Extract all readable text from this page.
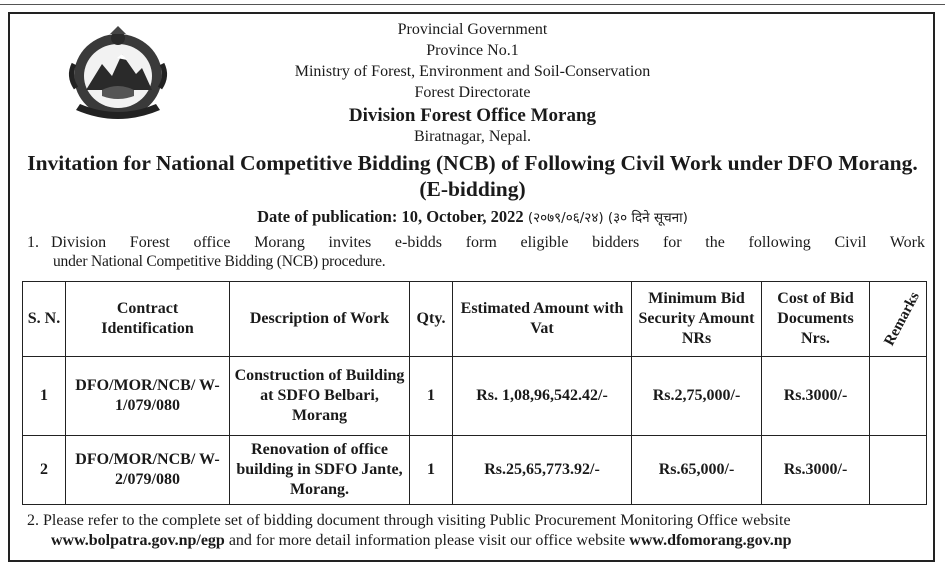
Provincial Government
Province No.1
Ministry of Forest, Environment and Soil-Conservation
Forest Directorate
Division Forest Office Morang
Biratnagar, Nepal.
Invitation for National Competitive Bidding (NCB) of Following Civil Work under DFO Morang. (E-bidding)
Date of publication: 10, October, 2022 (२०७९/०६/२४) (३० दिने सूचना)
1. Division Forest office Morang invites e-bidds form eligible bidders for the following Civil Work
under National Competitive Bidding (NCB) procedure.
S. N.	Contract Identification	Description of Work	Qty.	Estimated Amount with Vat	Minimum Bid Security Amount NRs	Cost of Bid Documents Nrs.	Remarks
1	DFO/MOR/NCB/ W-1/079/080	Construction of Building at SDFO Belbari, Morang	1	Rs. 1,08,96,542.42/-	Rs.2,75,000/-	Rs.3000/-	
2	DFO/MOR/NCB/ W-2/079/080	Renovation of office building in SDFO Jante, Morang.	1	Rs.25,65,773.92/-	Rs.65,000/-	Rs.3000/-	
2. Please refer to the complete set of bidding document through visiting Public Procurement Monitoring Office website
www.bolpatra.gov.np/egp and for more detail information please visit our office website www.dfomorang.gov.np
